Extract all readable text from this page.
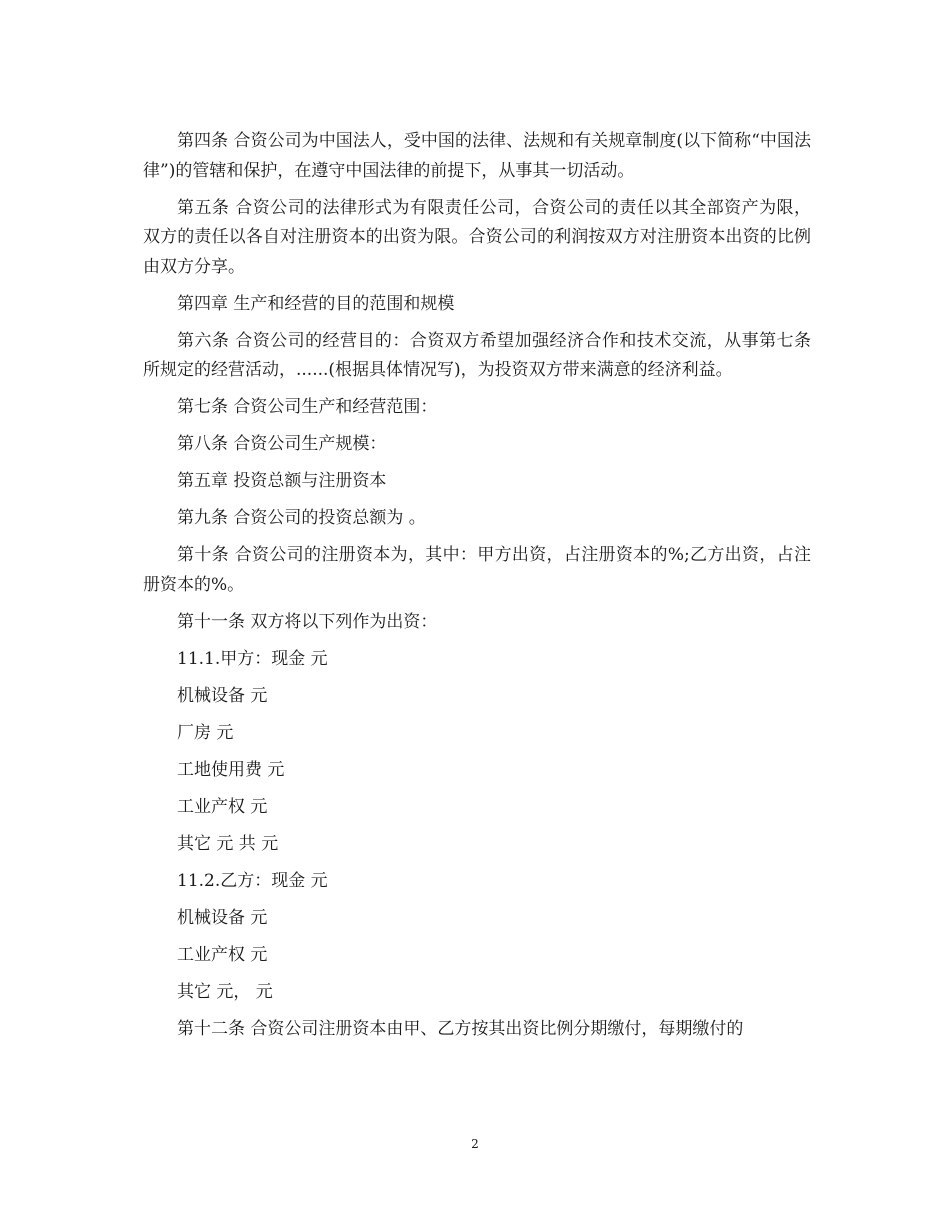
第四条 合资公司为中国法人，受中国的法律、法规和有关规章制度(以下简称“中国法律”)的管辖和保护，在遵守中国法律的前提下，从事其一切活动。

第五条 合资公司的法律形式为有限责任公司，合资公司的责任以其全部资产为限，双方的责任以各自对注册资本的出资为限。合资公司的利润按双方对注册资本出资的比例由双方分享。

第四章 生产和经营的目的范围和规模

第六条 合资公司的经营目的：合资双方希望加强经济合作和技术交流，从事第七条所规定的经营活动，......(根据具体情况写)，为投资双方带来满意的经济利益。

第七条 合资公司生产和经营范围：

第八条 合资公司生产规模：

第五章 投资总额与注册资本

第九条 合资公司的投资总额为 。

第十条 合资公司的注册资本为，其中：甲方出资，占注册资本的%;乙方出资，占注册资本的%。

第十一条 双方将以下列作为出资：

11.1.甲方：现金 元

机械设备 元

厂房 元

工地使用费 元

工业产权 元

其它 元 共 元

11.2.乙方：现金 元

机械设备 元

工业产权 元

其它 元， 元

第十二条 合资公司注册资本由甲、乙方按其出资比例分期缴付，每期缴付的

2
